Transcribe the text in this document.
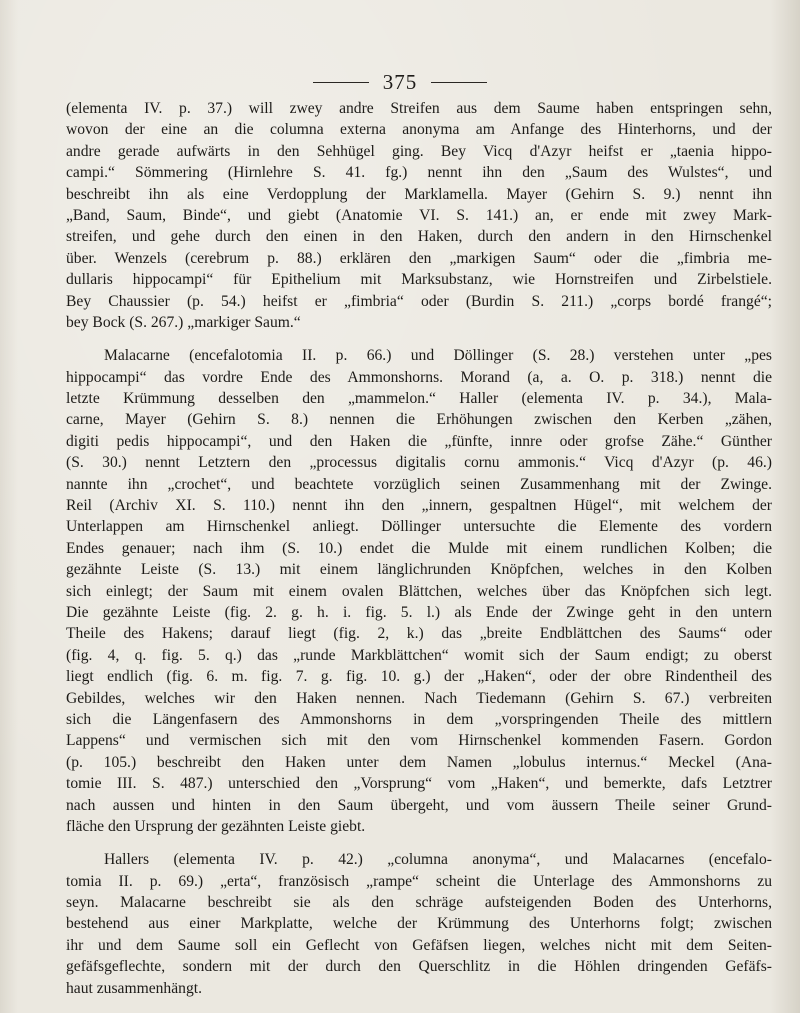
375
(elementa IV. p. 37.) will zwey andre Streifen aus dem Saume haben entspringen sehn,
wovon der eine an die columna externa anonyma am Anfange des Hinterhorns, und der
andre gerade aufwärts in den Sehhügel ging. Bey Vicq d'Azyr heifst er „taenia hippo-
campi.“ Sömmering (Hirnlehre S. 41. fg.) nennt ihn den „Saum des Wulstes“, und
beschreibt ihn als eine Verdopplung der Marklamella. Mayer (Gehirn S. 9.) nennt ihn
„Band, Saum, Binde“, und giebt (Anatomie VI. S. 141.) an, er ende mit zwey Mark-
streifen, und gehe durch den einen in den Haken, durch den andern in den Hirnschenkel
über. Wenzels (cerebrum p. 88.) erklären den „markigen Saum“ oder die „fimbria me-
dullaris hippocampi“ für Epithelium mit Marksubstanz, wie Hornstreifen und Zirbelstiele.
Bey Chaussier (p. 54.) heifst er „fimbria“ oder (Burdin S. 211.) „corps bordé frangé“;
bey Bock (S. 267.) „markiger Saum.“
Malacarne (encefalotomia II. p. 66.) und Döllinger (S. 28.) verstehen unter „pes
hippocampi“ das vordre Ende des Ammonshorns. Morand (a, a. O. p. 318.) nennt die
letzte Krümmung desselben den „mammelon.“ Haller (elementa IV. p. 34.), Mala-
carne, Mayer (Gehirn S. 8.) nennen die Erhöhungen zwischen den Kerben „zähen,
digiti pedis hippocampi“, und den Haken die „fünfte, innre oder grofse Zähe.“ Günther
(S. 30.) nennt Letztern den „processus digitalis cornu ammonis.“ Vicq d'Azyr (p. 46.)
nannte ihn „crochet“, und beachtete vorzüglich seinen Zusammenhang mit der Zwinge.
Reil (Archiv XI. S. 110.) nennt ihn den „innern, gespaltnen Hügel“, mit welchem der
Unterlappen am Hirnschenkel anliegt. Döllinger untersuchte die Elemente des vordern
Endes genauer; nach ihm (S. 10.) endet die Mulde mit einem rundlichen Kolben; die
gezähnte Leiste (S. 13.) mit einem länglichrunden Knöpfchen, welches in den Kolben
sich einlegt; der Saum mit einem ovalen Blättchen, welches über das Knöpfchen sich legt.
Die gezähnte Leiste (fig. 2. g. h. i. fig. 5. l.) als Ende der Zwinge geht in den untern
Theile des Hakens; darauf liegt (fig. 2, k.) das „breite Endblättchen des Saums“ oder
(fig. 4, q. fig. 5. q.) das „runde Markblättchen“ womit sich der Saum endigt; zu oberst
liegt endlich (fig. 6. m. fig. 7. g. fig. 10. g.) der „Haken“, oder der obre Rindentheil des
Gebildes, welches wir den Haken nennen. Nach Tiedemann (Gehirn S. 67.) verbreiten
sich die Längenfasern des Ammonshorns in dem „vorspringenden Theile des mittlern
Lappens“ und vermischen sich mit den vom Hirnschenkel kommenden Fasern. Gordon
(p. 105.) beschreibt den Haken unter dem Namen „lobulus internus.“ Meckel (Ana-
tomie III. S. 487.) unterschied den „Vorsprung“ vom „Haken“, und bemerkte, dafs Letztrer
nach aussen und hinten in den Saum übergeht, und vom äussern Theile seiner Grund-
fläche den Ursprung der gezähnten Leiste giebt.
Hallers (elementa IV. p. 42.) „columna anonyma“, und Malacarnes (encefalo-
tomia II. p. 69.) „erta“, französisch „rampe“ scheint die Unterlage des Ammonshorns zu
seyn. Malacarne beschreibt sie als den schräge aufsteigenden Boden des Unterhorns,
bestehend aus einer Markplatte, welche der Krümmung des Unterhorns folgt; zwischen
ihr und dem Saume soll ein Geflecht von Gefäfsen liegen, welches nicht mit dem Seiten-
gefäfsgeflechte, sondern mit der durch den Querschlitz in die Höhlen dringenden Gefäfs-
haut zusammenhängt.
